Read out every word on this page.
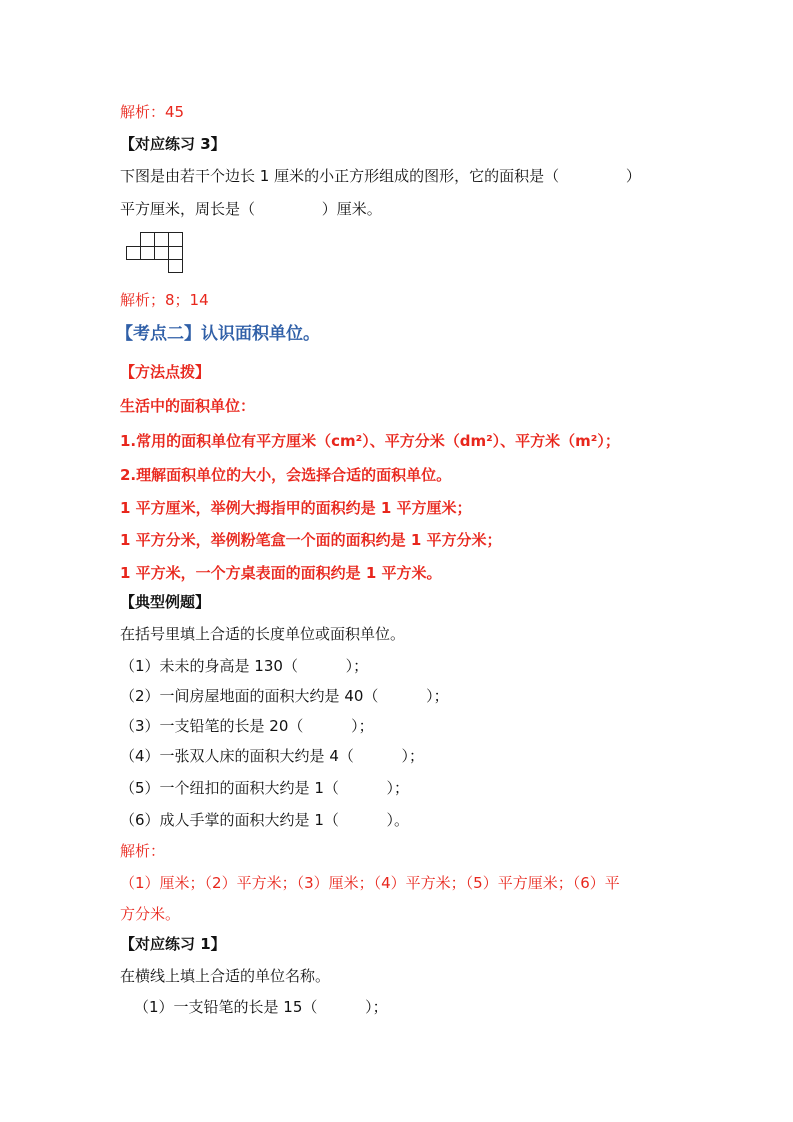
解析：45

【对应练习 3】

下图是由若干个边长 1 厘米的小正方形组成的图形，它的面积是（              ）

平方厘米，周长是（              ）厘米。

解析；8；14

【考点二】认识面积单位。

【方法点拨】

生活中的面积单位：

1.常用的面积单位有平方厘米（cm²）、平方分米（dm²）、平方米（m²）；

2.理解面积单位的大小，会选择合适的面积单位。

1 平方厘米，举例大拇指甲的面积约是 1 平方厘米；

1 平方分米，举例粉笔盒一个面的面积约是 1 平方分米；

1 平方米，一个方桌表面的面积约是 1 平方米。

【典型例题】

在括号里填上合适的长度单位或面积单位。

（1）未未的身高是 130（          ）；

（2）一间房屋地面的面积大约是 40（          ）；

（3）一支铅笔的长是 20（          ）；

（4）一张双人床的面积大约是 4（          ）；

（5）一个纽扣的面积大约是 1（          ）；

（6）成人手掌的面积大约是 1（          ）。

解析：

（1）厘米；（2）平方米；（3）厘米；（4）平方米；（5）平方厘米；（6）平

方分米。

【对应练习 1】

在横线上填上合适的单位名称。

（1）一支铅笔的长是 15（          ）；
